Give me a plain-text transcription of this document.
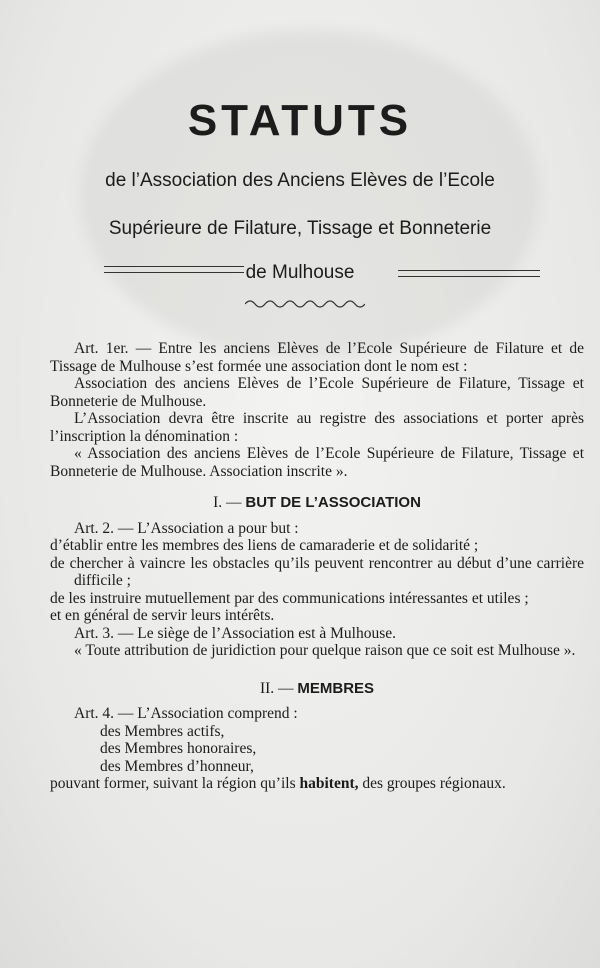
STATUTS

de l’Association des Anciens Elèves de l’Ecole

Supérieure de Filature, Tissage et Bonneterie

de Mulhouse

Art. 1er. — Entre les anciens Elèves de l’Ecole Supérieure de Filature et de Tissage de Mulhouse s’est formée une association dont le nom est :

Association des anciens Elèves de l’Ecole Supérieure de Filature, Tissage et Bonneterie de Mulhouse.

L’Association devra être inscrite au registre des associations et porter après l’inscription la dénomination :

« Association des anciens Elèves de l’Ecole Supérieure de Filature, Tissage et Bonneterie de Mulhouse. Association inscrite ».

I. — BUT DE L’ASSOCIATION

Art. 2. — L’Association a pour but :

d’établir entre les membres des liens de camaraderie et de solidarité ;

de chercher à vaincre les obstacles qu’ils peuvent rencontrer au début d’une carrière difficile ;

de les instruire mutuellement par des communications intéressantes et utiles ;

et en général de servir leurs intérêts.

Art. 3. — Le siège de l’Association est à Mulhouse.

« Toute attribution de juridiction pour quelque raison que ce soit est Mulhouse ».

II. — MEMBRES

Art. 4. — L’Association comprend :

des Membres actifs,

des Membres honoraires,

des Membres d’honneur,

pouvant former, suivant la région qu’ils habitent, des groupes régionaux.
